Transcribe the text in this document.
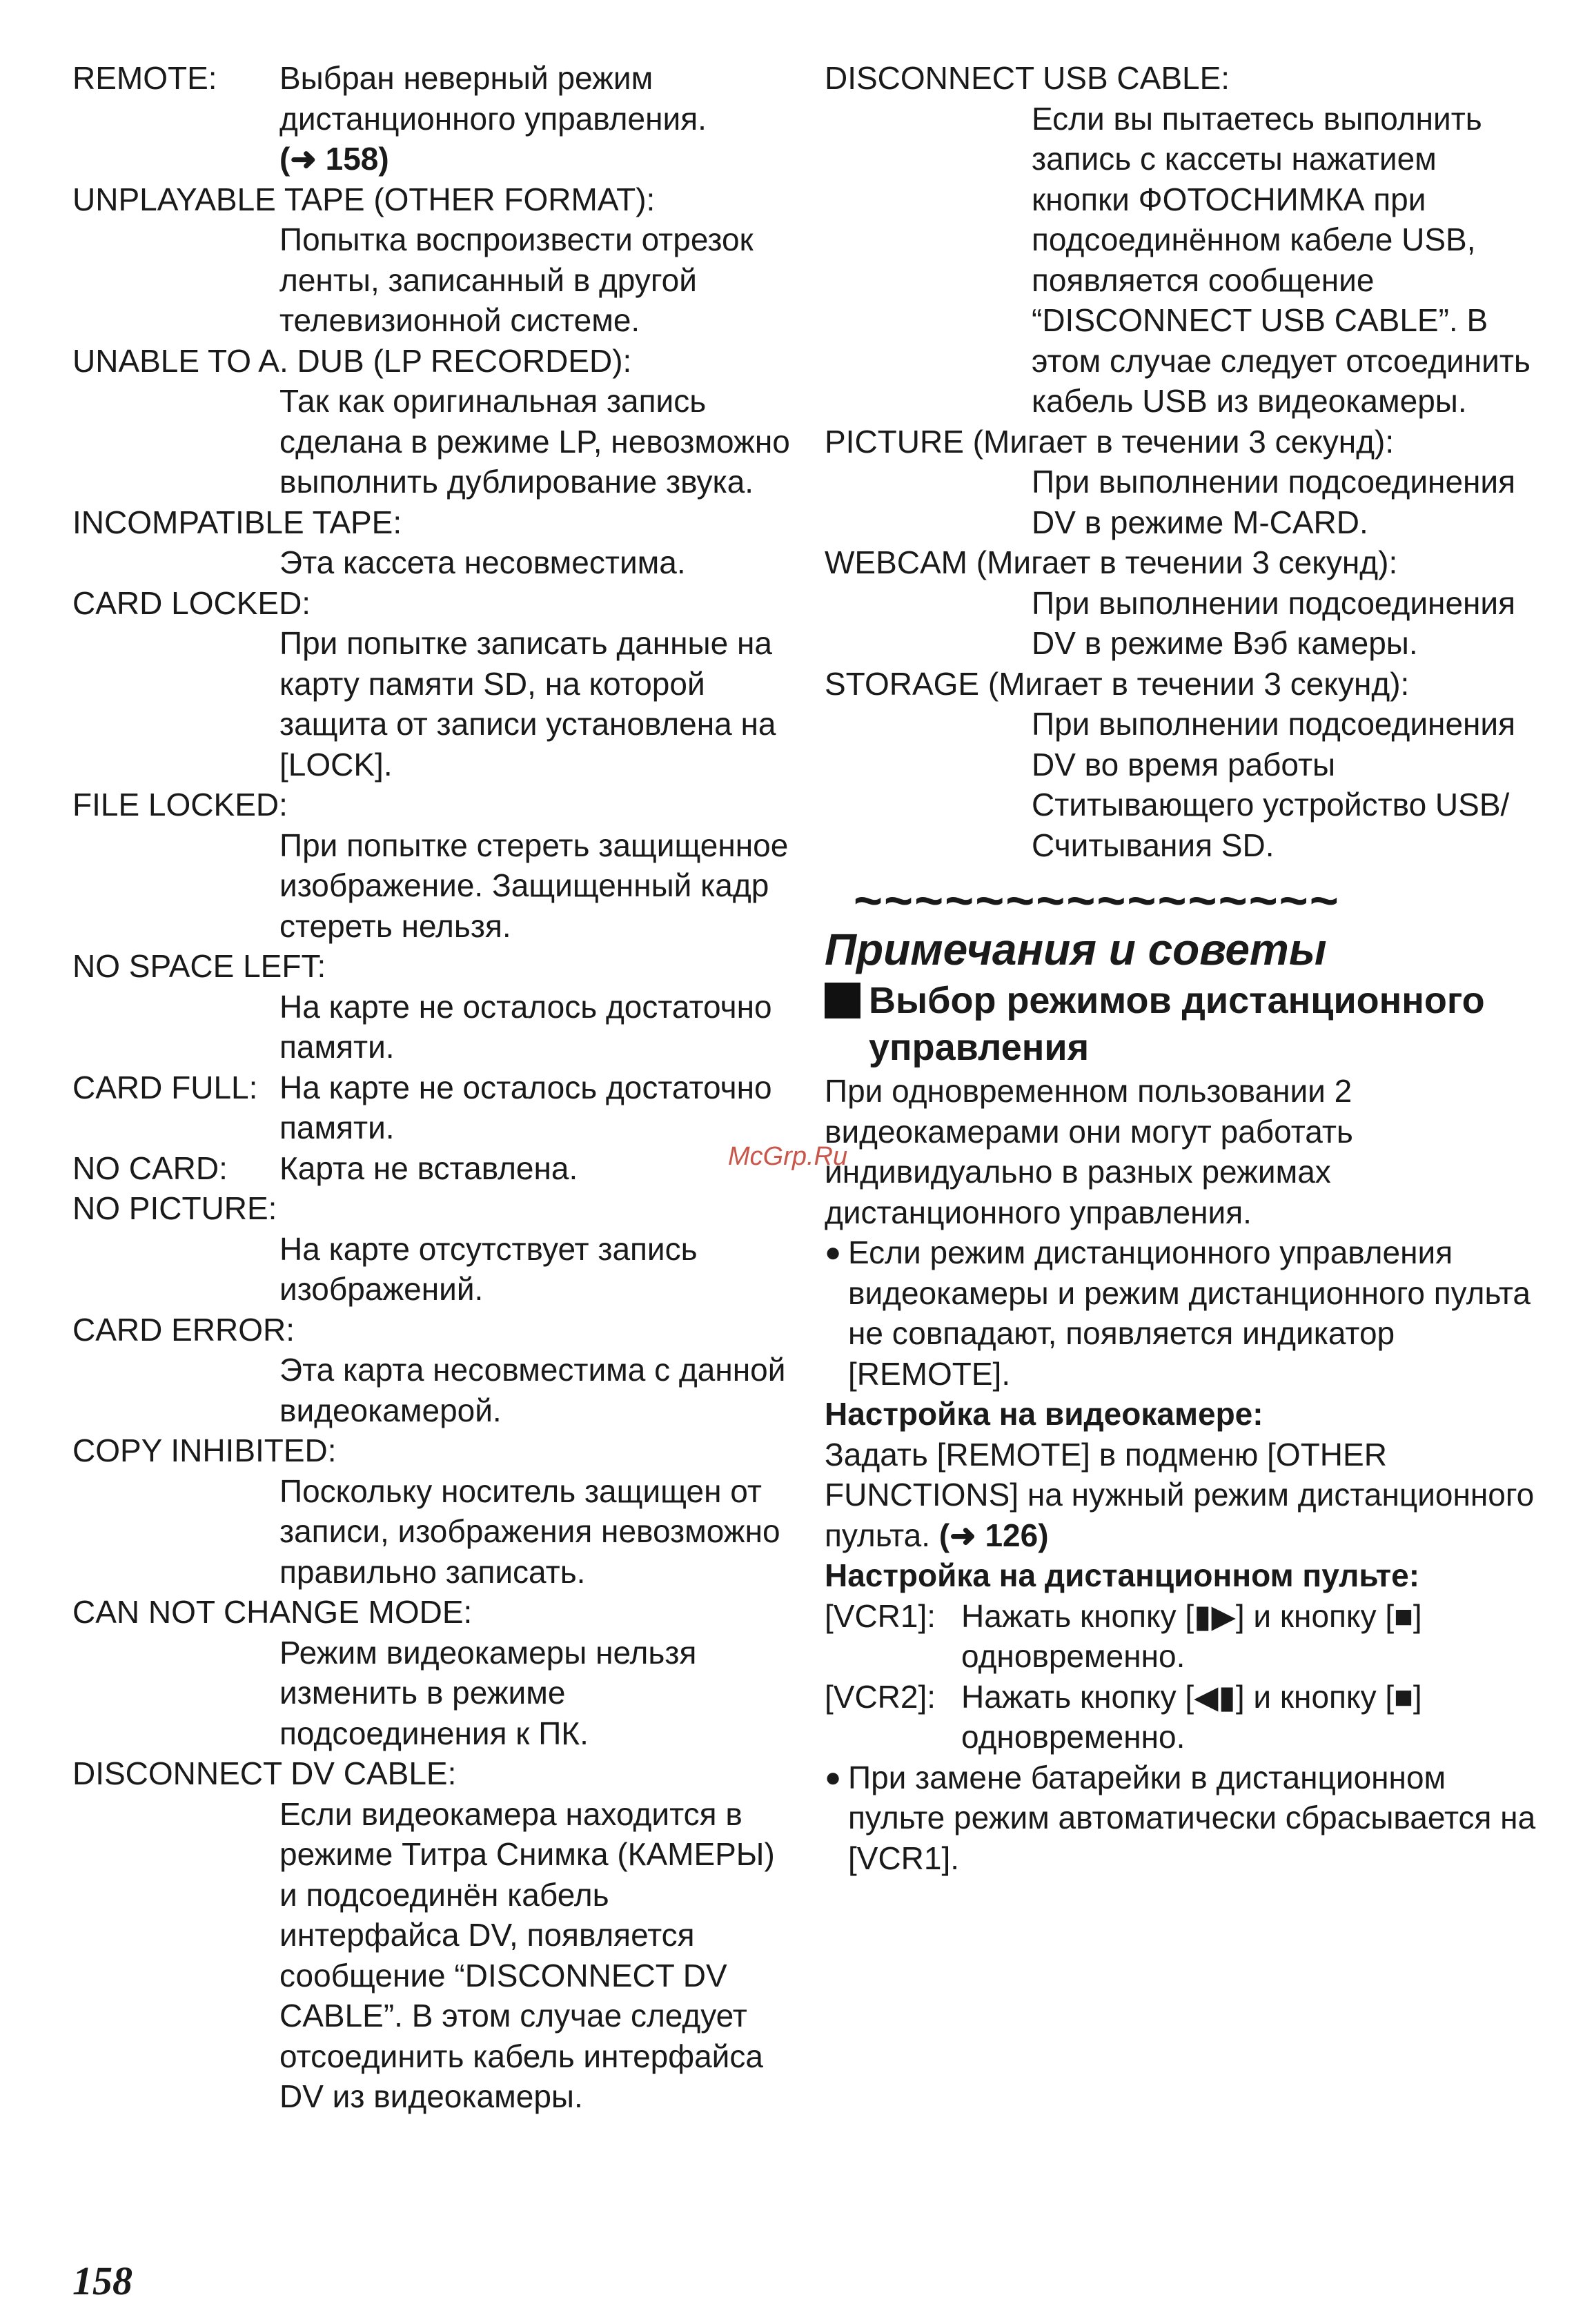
REMOTE:	Выбран неверный режим дистанционного управления.
(➜ 158)
UNPLAYABLE TAPE (OTHER FORMAT):
Попытка воспроизвести отрезок ленты, записанный в другой телевизионной системе.
UNABLE TO A. DUB (LP RECORDED):
Так как оригинальная запись сделана в режиме LP, невозможно выполнить дублирование звука.
INCOMPATIBLE TAPE:
Эта кассета несовместима.
CARD LOCKED:
При попытке записать данные на карту памяти SD, на которой защита от записи установлена на [LOCK].
FILE LOCKED:
При попытке стереть защищенное изображение. Защищенный кадр стереть нельзя.
NO SPACE LEFT:
На карте не осталось достаточно памяти.
CARD FULL: На карте не осталось достаточно памяти.
NO CARD:	Карта не вставлена.
NO PICTURE:
На карте отсутствует запись изображений.
CARD ERROR:
Эта карта несовместима с данной видеокамерой.
COPY INHIBITED:
Поскольку носитель защищен от записи, изображения невозможно правильно записать.
CAN NOT CHANGE MODE:
Режим видеокамеры нельзя изменить в режиме подсоединения к ПК.
DISCONNECT DV CABLE:
Если видеокамера находится в режиме Титра Снимка (КАМЕРЫ) и подсоединён кабель интерфайса DV, появляется сообщение “DISCONNECT DV CABLE”. В этом случае следует отсоединить кабель интерфайса DV из видеокамеры.
DISCONNECT USB CABLE:
Если вы пытаетесь выполнить запись с кассеты нажатием кнопки ФОТОСНИМКА при подсоединённом кабеле USB, появляется сообщение “DISCONNECT USB CABLE”. В этом случае следует отсоединить кабель USB из видеокамеры.
PICTURE (Мигает в течении 3 секунд):
При выполнении подсоединения DV в режиме M-CARD.
WEBCAM (Мигает в течении 3 секунд):
При выполнении подсоединения DV в режиме Вэб камеры.
STORAGE (Мигает в течении 3 секунд):
При выполнении подсоединения DV во время работы Ститывающего устройство USB/ Считывания SD.
~~~~~~~~~~~~~~~~
Примечания и советы
Выбор режимов дистанционного управления

При одновременном пользовании 2 видеокамерами они могут работать индивидуально в разных режимах дистанционного управления.

● Если режим дистанционного управления видеокамеры и режим дистанционного пульта не совпадают, появляется индикатор [REMOTE].
Настройка на видеокамере:

Задать [REMOTE] в подменю [OTHER FUNCTIONS] на нужный режим дистанционного пульта. (➜ 126)

Настройка на дистанционном пульте:
[VCR1]: Нажать кнопку [▮▶] и кнопку [■] одновременно.
[VCR2]: Нажать кнопку [◀▮] и кнопку [■] одновременно.
● При замене батарейки в дистанционном пульте режим автоматически сбрасывается на [VCR1].
McGrp.Ru
158
